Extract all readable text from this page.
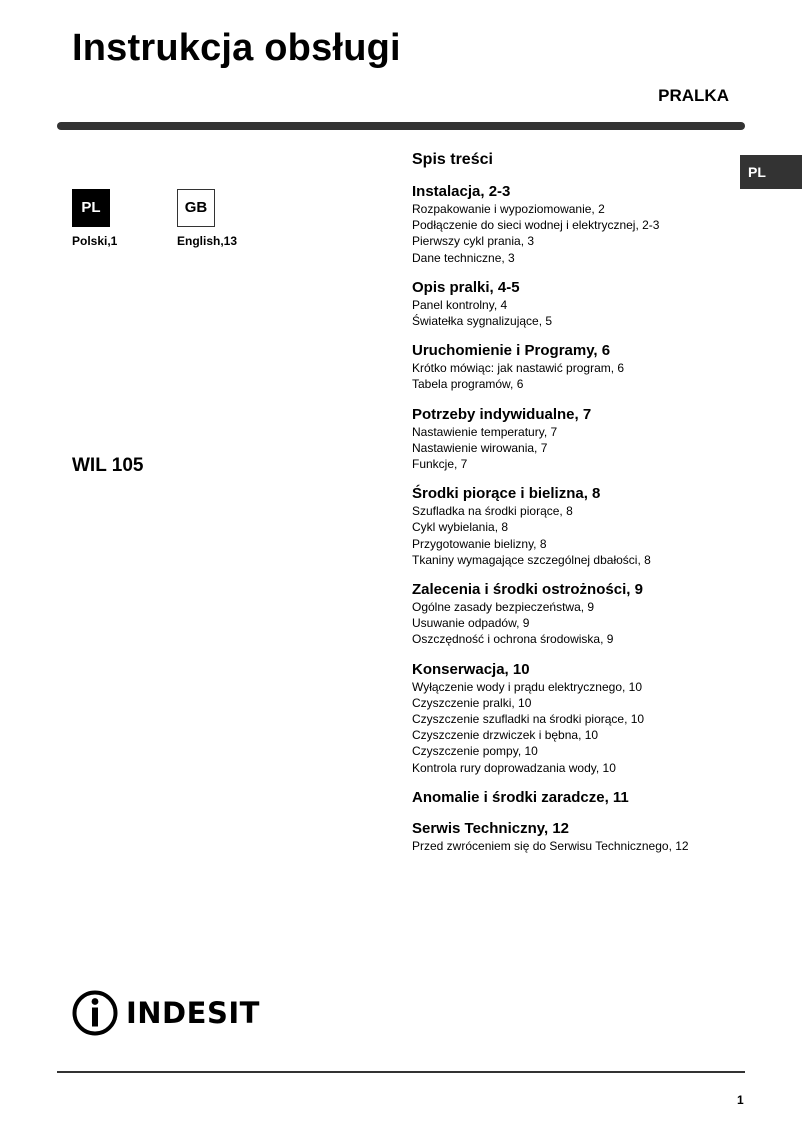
Instrukcja obsługi
PRALKA
PL
PL
Polski,1
GB
English,13
WIL 105
Spis treści
Instalacja, 2-3
Rozpakowanie i wypoziomowanie, 2
Podłączenie do sieci wodnej i elektrycznej, 2-3
Pierwszy cykl prania, 3
Dane techniczne, 3
Opis pralki, 4-5
Panel kontrolny, 4
Światełka sygnalizujące, 5
Uruchomienie i Programy, 6
Krótko mówiąc: jak nastawić program, 6
Tabela programów, 6
Potrzeby indywidualne, 7
Nastawienie temperatury, 7
Nastawienie wirowania, 7
Funkcje, 7
Środki piorące i bielizna, 8
Szufladka na środki piorące, 8
Cykl wybielania, 8
Przygotowanie bielizny, 8
Tkaniny wymagające szczególnej dbałości, 8
Zalecenia i środki ostrożności, 9
Ogólne zasady bezpieczeństwa, 9
Usuwanie odpadów, 9
Oszczędność i ochrona środowiska, 9
Konserwacja, 10
Wyłączenie wody i prądu elektrycznego, 10
Czyszczenie pralki, 10
Czyszczenie szufladki na środki piorące, 10
Czyszczenie drzwiczek i bębna, 10
Czyszczenie pompy, 10
Kontrola rury doprowadzania wody, 10
Anomalie i środki zaradcze, 11
Serwis Techniczny, 12
Przed zwróceniem się do Serwisu Technicznego, 12
INDESIT
1
